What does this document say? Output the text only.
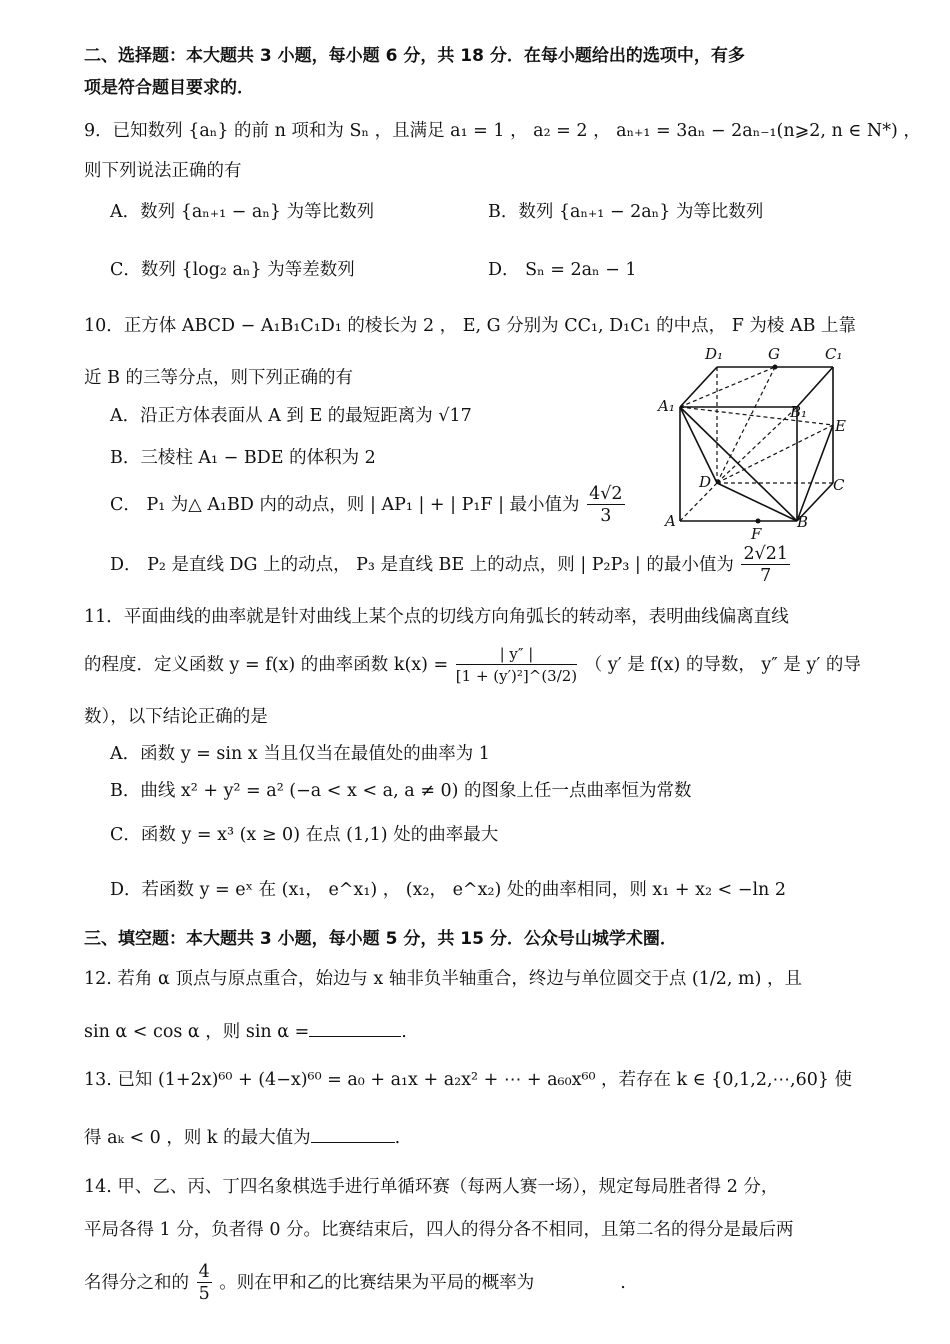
二、选择题：本大题共 3 小题，每小题 6 分，共 18 分．在每小题给出的选项中，有多
项是符合题目要求的．
9．已知数列 {aₙ} 的前 n 项和为 Sₙ ，且满足 a₁ = 1 ， a₂ = 2 ， aₙ₊₁ = 3aₙ − 2aₙ₋₁(n⩾2, n ∈ N*) ，
则下列说法正确的有
A．数列 {aₙ₊₁ − aₙ} 为等比数列	B．数列 {aₙ₊₁ − 2aₙ} 为等比数列
C．数列 {log₂ aₙ} 为等差数列	D． Sₙ = 2aₙ − 1
10．正方体 ABCD − A₁B₁C₁D₁ 的棱长为 2 ， E, G 分别为 CC₁, D₁C₁ 的中点， F 为棱 AB 上靠
近 B 的三等分点，则下列正确的有
A．沿正方体表面从 A 到 E 的最短距离为 √17
B．三棱柱 A₁ − BDE 的体积为 2
C． P₁ 为△ A₁BD 内的动点，则 | AP₁ | + | P₁F | 最小值为 $\frac{4√2}{3}$
D． P₂ 是直线 DG 上的动点， P₃ 是直线 BE 上的动点，则 | P₂P₃ | 的最小值为 $\frac{2√21}{7}$
D₁	G	C₁
A₁	B₁
E
D	C
A
F
B
11．平面曲线的曲率就是针对曲线上某个点的切线方向角弧长的转动率，表明曲线偏离直线
的程度．定义函数 y = f(x) 的曲率函数 $k(x) = \frac{| y'' |}{\text{[1 + (y′)²]\textasciicircum{}(3/2)}}$ （ y′ 是 f(x) 的导数， y″ 是 y′ 的导
数），以下结论正确的是
A．函数 y = sin x 当且仅当在最值处的曲率为 1
B．曲线 x² + y² = a² (−a < x < a, a ≠ 0) 的图象上任一点曲率恒为常数
C．函数 y = x³ (x ≥ 0) 在点 (1,1) 处的曲率最大
D．若函数 y = eˣ 在 (x₁， e^x₁) ， (x₂， e^x₂) 处的曲率相同，则 x₁ + x₂ < −ln 2
三、填空题：本大题共 3 小题，每小题 5 分，共 15 分．公众号山城学术圈．
12. 若角 α 顶点与原点重合，始边与 x 轴非负半轴重合，终边与单位圆交于点 (1/2, m) ，且
sin α < cos α ，则 sin α =	.
13. 已知 (1+2x)⁶⁰ + (4−x)⁶⁰ = a₀ + a₁x + a₂x² + ⋯ + a₆₀x⁶⁰ ，若存在 k ∈ {0,1,2,⋯,60} 使
得 aₖ < 0 ，则 k 的最大值为	.
14. 甲、乙、丙、丁四名象棋选手进行单循环赛（每两人赛一场），规定每局胜者得 2 分，
平局各得 1 分，负者得 0 分。比赛结束后，四人的得分各不相同，且第二名的得分是最后两
名得分之和的 $\frac{4}{5}$ 。则在甲和乙的比赛结果为平局的概率为	.
